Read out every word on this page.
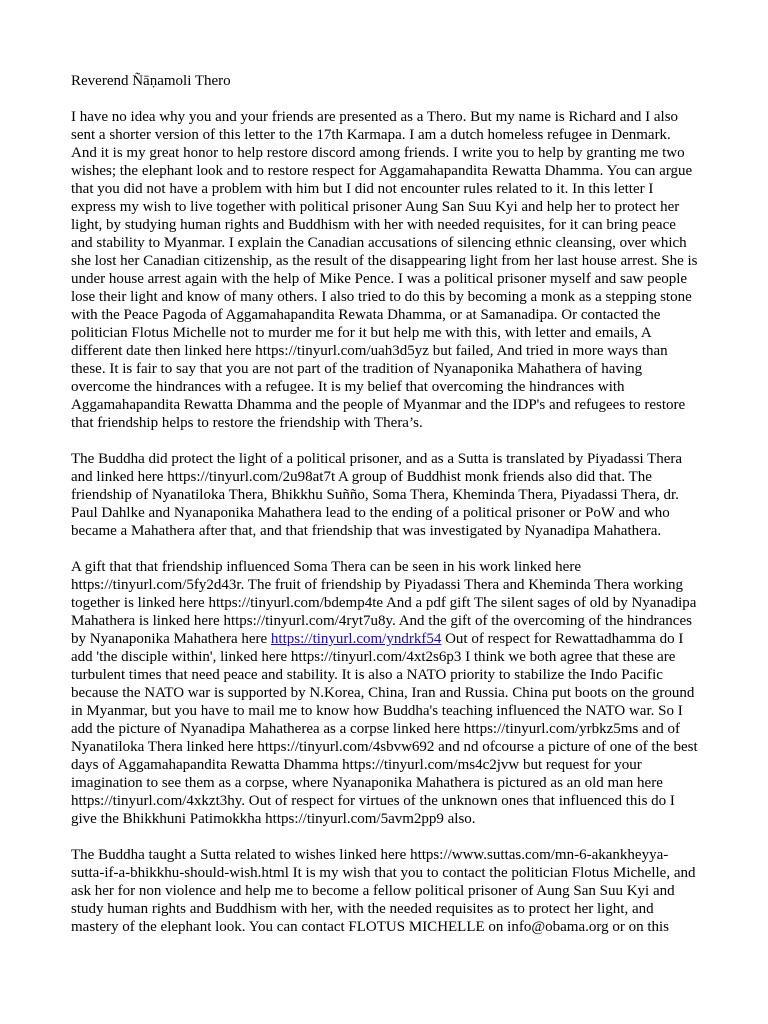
Reverend Ñāṇamoli Thero

I have no idea why you and your friends are presented as a Thero. But my name is Richard and I also sent a shorter version of this letter to the 17th Karmapa. I am a dutch homeless refugee in Denmark. And it is my great honor to help restore discord among friends. I write you to help by granting me two wishes; the elephant look and to restore respect for Aggamahapandita Rewatta Dhamma. You can argue that you did not have a problem with him but I did not encounter rules related to it. In this letter I express my wish to live together with political prisoner Aung San Suu Kyi and help her to protect her light, by studying human rights and Buddhism with her with needed requisites, for it can bring peace and stability to Myanmar. I explain the Canadian accusations of silencing ethnic cleansing, over which she lost her Canadian citizenship, as the result of the disappearing light from her last house arrest. She is under house arrest again with the help of Mike Pence. I was a political prisoner myself and saw people lose their light and know of many others. I also tried to do this by becoming a monk as a stepping stone with the Peace Pagoda of Aggamahapandita Rewata Dhamma, or at Samanadipa. Or contacted the politician Flotus Michelle not to murder me for it but help me with this, with letter and emails, A different date then linked here https://tinyurl.com/uah3d5yz but failed, And tried in more ways than these. It is fair to say that you are not part of the tradition of Nyanaponika Mahathera of having overcome the hindrances with a refugee. It is my belief that overcoming the hindrances with Aggamahapandita Rewatta Dhamma and the people of Myanmar and the IDP's and refugees to restore that friendship helps to restore the friendship with Thera’s.

The Buddha did protect the light of a political prisoner, and as a Sutta is translated by Piyadassi Thera and linked here https://tinyurl.com/2u98at7t A group of Buddhist monk friends also did that. The friendship of Nyanatiloka Thera, Bhikkhu Suñño, Soma Thera, Kheminda Thera, Piyadassi Thera, dr. Paul Dahlke and Nyanaponika Mahathera lead to the ending of a political prisoner or PoW and who became a Mahathera after that, and that friendship that was investigated by Nyanadipa Mahathera.

A gift that that friendship influenced Soma Thera can be seen in his work linked here https://tinyurl.com/5fy2d43r. The fruit of friendship by Piyadassi Thera and Kheminda Thera working together is linked here https://tinyurl.com/bdemp4te And a pdf gift The silent sages of old by Nyanadipa Mahathera is linked here https://tinyurl.com/4ryt7u8y. And the gift of the overcoming of the hindrances by Nyanaponika Mahathera here https://tinyurl.com/yndrkf54 Out of respect for Rewattadhamma do I add 'the disciple within', linked here https://tinyurl.com/4xt2s6p3 I think we both agree that these are turbulent times that need peace and stability. It is also a NATO priority to stabilize the Indo Pacific because the NATO war is supported by N.Korea, China, Iran and Russia. China put boots on the ground in Myanmar, but you have to mail me to know how Buddha's teaching influenced the NATO war. So I add the picture of Nyanadipa Mahatherea as a corpse linked here https://tinyurl.com/yrbkz5ms and of Nyanatiloka Thera linked here https://tinyurl.com/4sbvw692 and nd ofcourse a picture of one of the best days of Aggamahapandita Rewatta Dhamma https://tinyurl.com/ms4c2jvw but request for your imagination to see them as a corpse, where Nyanaponika Mahathera is pictured as an old man here https://tinyurl.com/4xkzt3hy. Out of respect for virtues of the unknown ones that influenced this do I give the Bhikkhuni Patimokkha https://tinyurl.com/5avm2pp9 also.

The Buddha taught a Sutta related to wishes linked here https://www.suttas.com/mn-6-akankheyya-sutta-if-a-bhikkhu-should-wish.html It is my wish that you to contact the politician Flotus Michelle, and ask her for non violence and help me to become a fellow political prisoner of Aung San Suu Kyi and study human rights and Buddhism with her, with the needed requisites as to protect her light, and mastery of the elephant look. You can contact FLOTUS MICHELLE on info@obama.org or on this
